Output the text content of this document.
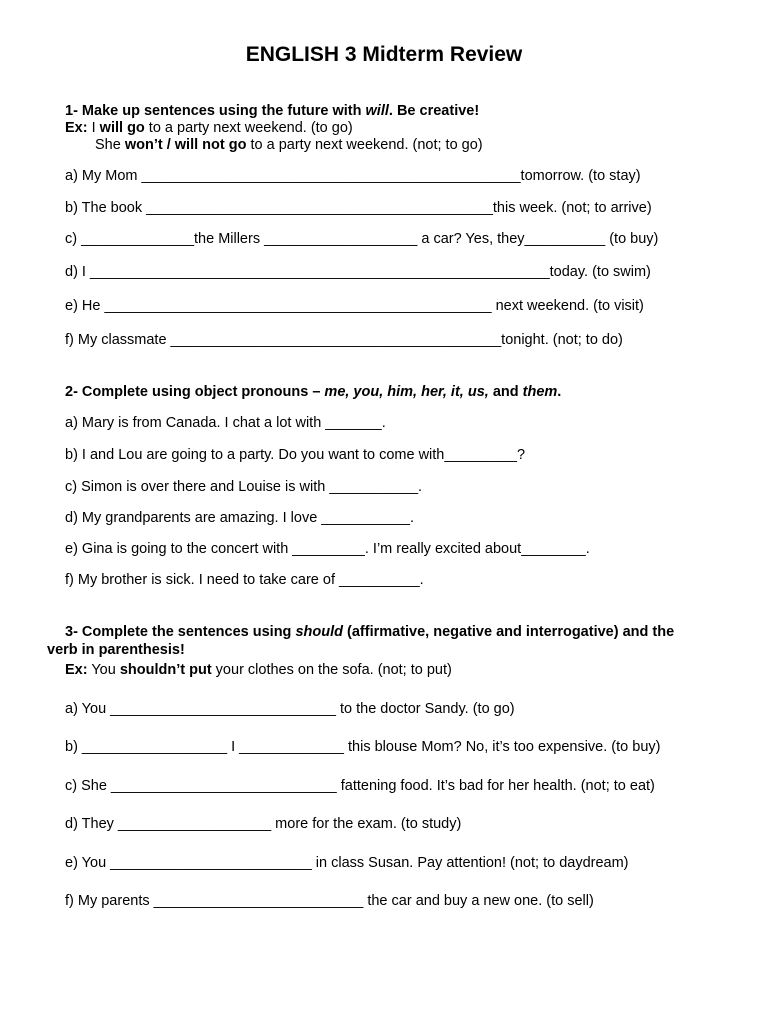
ENGLISH 3 Midterm Review
1- Make up sentences using the future with will. Be creative!
Ex: I will go to a party next weekend. (to go)
She won’t / will not go to a party next weekend. (not; to go)
a) My Mom _______________________________________________tomorrow. (to stay)
b) The book ___________________________________________this week. (not; to arrive)
c) ______________the Millers ___________________ a car? Yes, they__________ (to buy)
d) I _________________________________________________________today. (to swim)
e) He ________________________________________________ next weekend. (to visit)
f) My classmate _________________________________________tonight. (not; to do)
2- Complete using object pronouns – me, you, him, her, it, us, and them.
a) Mary is from Canada. I chat a lot with _______.
b) I and Lou are going to a party. Do you want to come with_________?
c) Simon is over there and Louise is with ___________.
d) My grandparents are amazing. I love ___________.
e) Gina is going to the concert with _________. I’m really excited about________.
f) My brother is sick. I need to take care of __________.
3- Complete the sentences using should (affirmative, negative and interrogative) and the
verb in parenthesis!
Ex: You shouldn’t put your clothes on the sofa. (not; to put)
a) You ____________________________ to the doctor Sandy. (to go)
b) __________________ I _____________ this blouse Mom? No, it’s too expensive. (to buy)
c) She ____________________________ fattening food. It’s bad for her health. (not; to eat)
d) They ___________________ more for the exam. (to study)
e) You _________________________ in class Susan. Pay attention! (not; to daydream)
f) My parents __________________________ the car and buy a new one. (to sell)
